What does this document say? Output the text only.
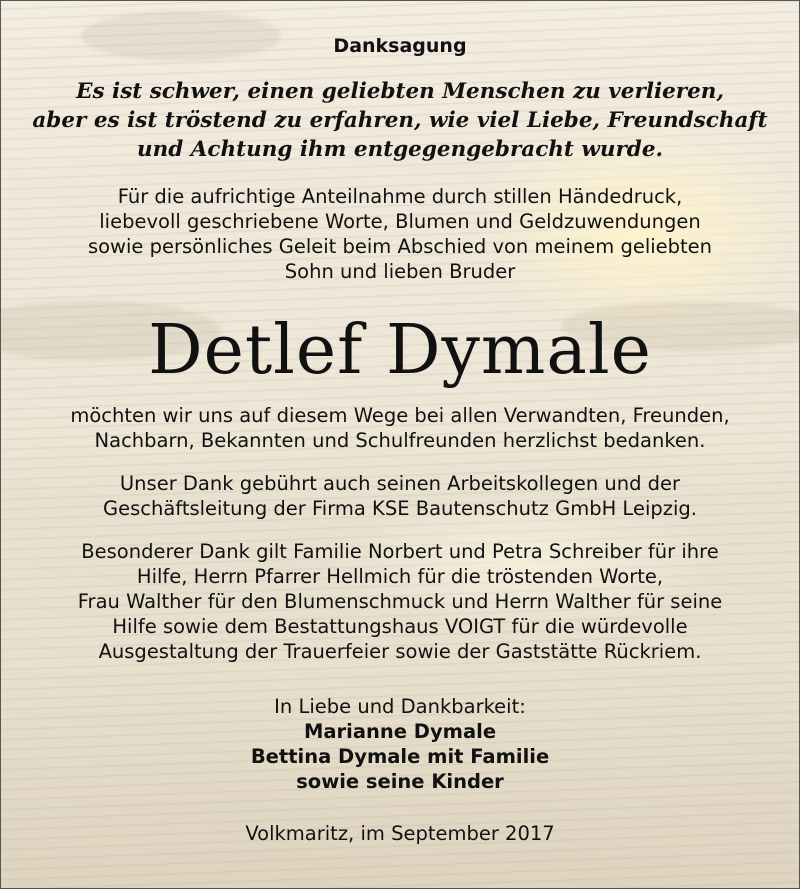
Danksagung
Es ist schwer, einen geliebten Menschen zu verlieren,
aber es ist tröstend zu erfahren, wie viel Liebe, Freundschaft
und Achtung ihm entgegengebracht wurde.
Für die aufrichtige Anteilnahme durch stillen Händedruck,
liebevoll geschriebene Worte, Blumen und Geldzuwendungen
sowie persönliches Geleit beim Abschied von meinem geliebten
Sohn und lieben Bruder
Detlef Dymale
möchten wir uns auf diesem Wege bei allen Verwandten, Freunden,
Nachbarn, Bekannten und Schulfreunden herzlichst bedanken.
Unser Dank gebührt auch seinen Arbeitskollegen und der
Geschäftsleitung der Firma KSE Bautenschutz GmbH Leipzig.
Besonderer Dank gilt Familie Norbert und Petra Schreiber für ihre
Hilfe, Herrn Pfarrer Hellmich für die tröstenden Worte,
Frau Walther für den Blumenschmuck und Herrn Walther für seine
Hilfe sowie dem Bestattungshaus VOIGT für die würdevolle
Ausgestaltung der Trauerfeier sowie der Gaststätte Rückriem.
In Liebe und Dankbarkeit:
Marianne Dymale
Bettina Dymale mit Familie
sowie seine Kinder
Volkmaritz, im September 2017
